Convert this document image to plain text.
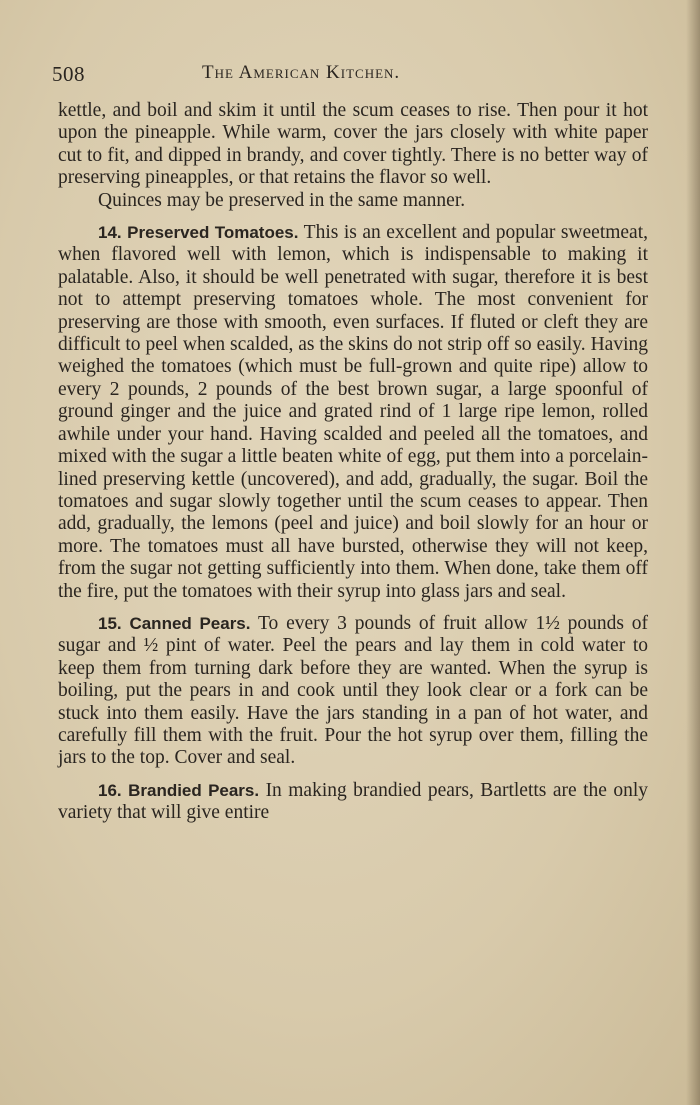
508	The American Kitchen.

kettle, and boil and skim it until the scum ceases to rise. Then pour it hot upon the pineapple. While warm, cover the jars closely with white paper cut to fit, and dipped in brandy, and cover tightly. There is no better way of preserving pineapples, or that retains the flavor so well.

Quinces may be preserved in the same manner.

14. Preserved Tomatoes. This is an excellent and popular sweetmeat, when flavored well with lemon, which is indispensable to making it palatable. Also, it should be well penetrated with sugar, therefore it is best not to attempt preserving tomatoes whole. The most convenient for preserving are those with smooth, even surfaces. If fluted or cleft they are difficult to peel when scalded, as the skins do not strip off so easily. Having weighed the tomatoes (which must be full-grown and quite ripe) allow to every 2 pounds, 2 pounds of the best brown sugar, a large spoonful of ground ginger and the juice and grated rind of 1 large ripe lemon, rolled awhile under your hand. Having scalded and peeled all the tomatoes, and mixed with the sugar a little beaten white of egg, put them into a porcelain-lined preserving kettle (uncovered), and add, gradually, the sugar. Boil the tomatoes and sugar slowly together until the scum ceases to appear. Then add, gradually, the lemons (peel and juice) and boil slowly for an hour or more. The tomatoes must all have bursted, otherwise they will not keep, from the sugar not getting sufficiently into them. When done, take them off the fire, put the tomatoes with their syrup into glass jars and seal.

15. Canned Pears. To every 3 pounds of fruit allow 1½ pounds of sugar and ½ pint of water. Peel the pears and lay them in cold water to keep them from turning dark before they are wanted. When the syrup is boiling, put the pears in and cook until they look clear or a fork can be stuck into them easily. Have the jars standing in a pan of hot water, and carefully fill them with the fruit. Pour the hot syrup over them, filling the jars to the top. Cover and seal.

16. Brandied Pears. In making brandied pears, Bartletts are the only variety that will give entire
